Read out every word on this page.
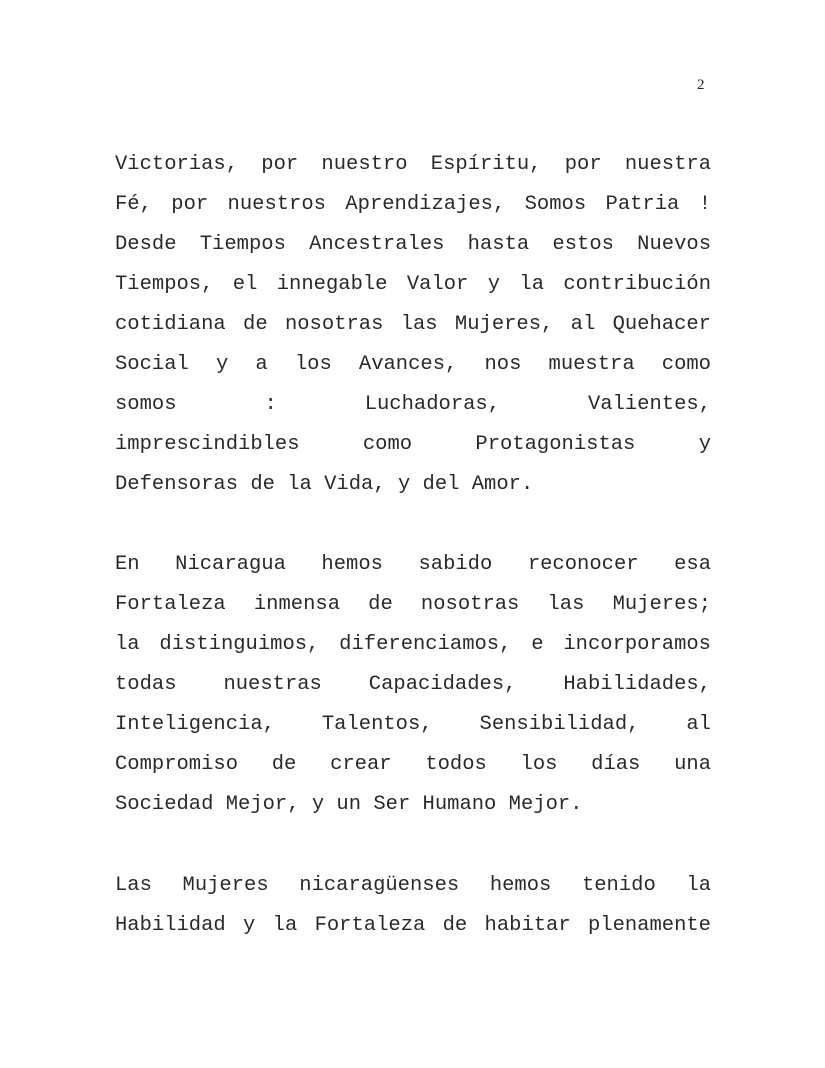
2
Victorias, por nuestro Espíritu, por nuestra
Fé, por nuestros Aprendizajes, Somos Patria !
Desde Tiempos Ancestrales hasta estos Nuevos
Tiempos, el innegable Valor y la contribución
cotidiana de nosotras las Mujeres, al Quehacer
Social y a los Avances, nos muestra como
somos : Luchadoras, Valientes,
imprescindibles como Protagonistas y
Defensoras de la Vida, y del Amor.
En Nicaragua hemos sabido reconocer esa
Fortaleza inmensa de nosotras las Mujeres;
la distinguimos, diferenciamos, e incorporamos
todas nuestras Capacidades, Habilidades,
Inteligencia, Talentos, Sensibilidad, al
Compromiso de crear todos los días una
Sociedad Mejor, y un Ser Humano Mejor.
Las Mujeres nicaragüenses hemos tenido la
Habilidad y la Fortaleza de habitar plenamente
